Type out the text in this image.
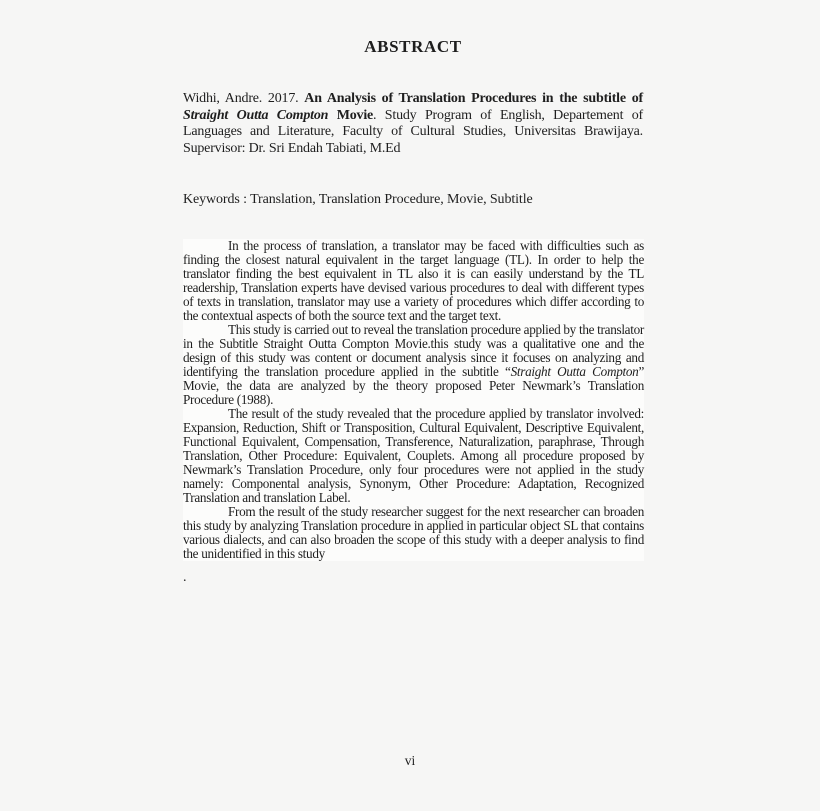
ABSTRACT

Widhi, Andre. 2017. An Analysis of Translation Procedures in the subtitle of Straight Outta Compton Movie. Study Program of English, Departement of Languages and Literature, Faculty of Cultural Studies, Universitas Brawijaya. Supervisor: Dr. Sri Endah Tabiati, M.Ed

Keywords : Translation, Translation Procedure, Movie, Subtitle

In the process of translation, a translator may be faced with difficulties such as finding the closest natural equivalent in the target language (TL). In order to help the translator finding the best equivalent in TL also it is can easily understand by the TL readership, Translation experts have devised various procedures to deal with different types of texts in translation, translator may use a variety of procedures which differ according to the contextual aspects of both the source text and the target text.

This study is carried out to reveal the translation procedure applied by the translator in the Subtitle Straight Outta Compton Movie.this study was a qualitative one and the design of this study was content or document analysis since it focuses on analyzing and identifying the translation procedure applied in the subtitle “Straight Outta Compton” Movie, the data are analyzed by the theory proposed Peter Newmark’s Translation Procedure (1988).

The result of the study revealed that the procedure applied by translator involved: Expansion, Reduction, Shift or Transposition, Cultural Equivalent, Descriptive Equivalent, Functional Equivalent, Compensation, Transference, Naturalization, paraphrase, Through Translation, Other Procedure: Equivalent, Couplets. Among all procedure proposed by Newmark’s Translation Procedure, only four procedures were not applied in the study namely: Componental analysis, Synonym, Other Procedure: Adaptation, Recognized Translation and translation Label.

From the result of the study researcher suggest for the next researcher can broaden this study by analyzing Translation procedure in applied in particular object SL that contains various dialects, and can also broaden the scope of this study with a deeper analysis to find the unidentified in this study

.
vi
